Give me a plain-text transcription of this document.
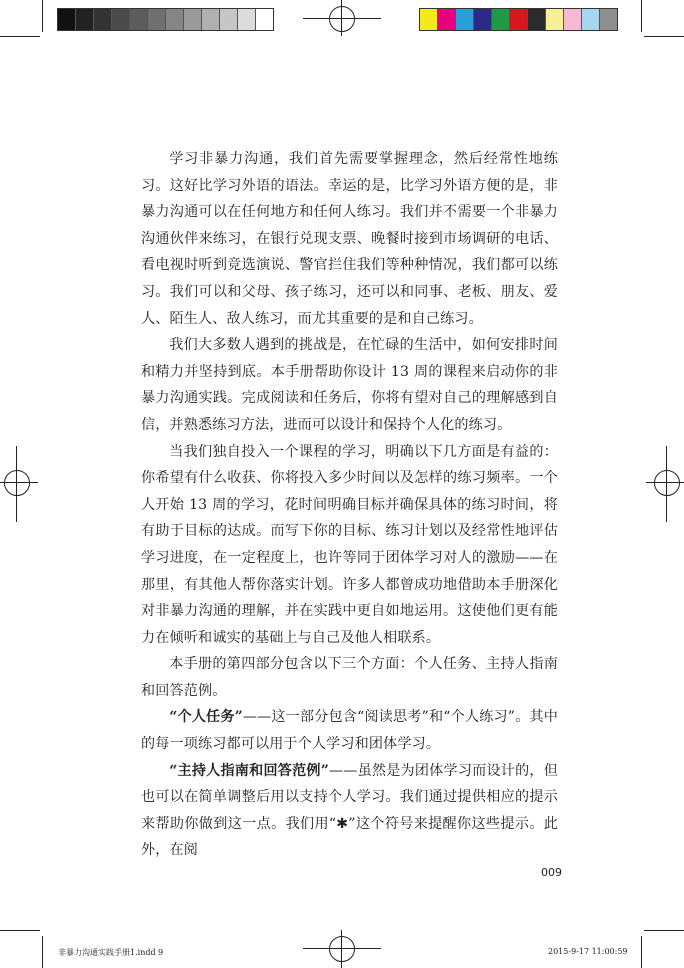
学习非暴力沟通，我们首先需要掌握理念，然后经常性地练习。这好比学习外语的语法。幸运的是，比学习外语方便的是，非暴力沟通可以在任何地方和任何人练习。我们并不需要一个非暴力沟通伙伴来练习，在银行兑现支票、晚餐时接到市场调研的电话、看电视时听到竞选演说、警官拦住我们等种种情况，我们都可以练习。我们可以和父母、孩子练习，还可以和同事、老板、朋友、爱人、陌生人、敌人练习，而尤其重要的是和自己练习。

我们大多数人遇到的挑战是，在忙碌的生活中，如何安排时间和精力并坚持到底。本手册帮助你设计 13 周的课程来启动你的非暴力沟通实践。完成阅读和任务后，你将有望对自己的理解感到自信，并熟悉练习方法，进而可以设计和保持个人化的练习。

当我们独自投入一个课程的学习，明确以下几方面是有益的：你希望有什么收获、你将投入多少时间以及怎样的练习频率。一个人开始 13 周的学习，花时间明确目标并确保具体的练习时间，将有助于目标的达成。而写下你的目标、练习计划以及经常性地评估学习进度，在一定程度上，也许等同于团体学习对人的激励——在那里，有其他人帮你落实计划。许多人都曾成功地借助本手册深化对非暴力沟通的理解，并在实践中更自如地运用。这使他们更有能力在倾听和诚实的基础上与自己及他人相联系。

本手册的第四部分包含以下三个方面：个人任务、主持人指南和回答范例。

“个人任务”——这一部分包含“阅读思考”和“个人练习”。其中的每一项练习都可以用于个人学习和团体学习。

“主持人指南和回答范例”——虽然是为团体学习而设计的，但也可以在简单调整后用以支持个人学习。我们通过提供相应的提示来帮助你做到这一点。我们用“✱”这个符号来提醒你这些提示。此外，在阅

009
非暴力沟通实践手册1.indd 9	2015-9-17 11:00:59
